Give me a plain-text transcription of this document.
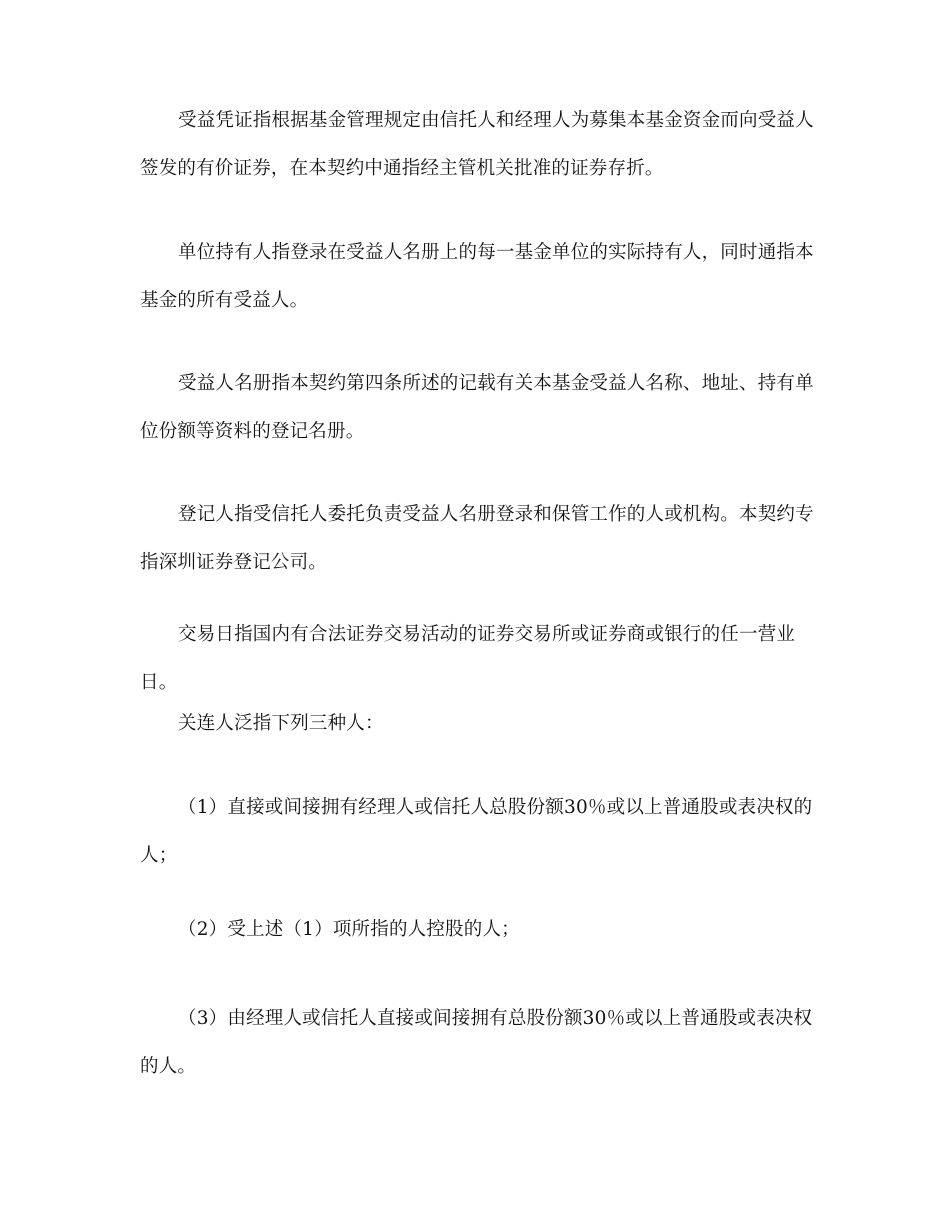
受益凭证指根据基金管理规定由信托人和经理人为募集本基金资金而向受益人签发的有价证券，在本契约中通指经主管机关批准的证券存折。

单位持有人指登录在受益人名册上的每一基金单位的实际持有人，同时通指本基金的所有受益人。

受益人名册指本契约第四条所述的记载有关本基金受益人名称、地址、持有单位份额等资料的登记名册。

登记人指受信托人委托负责受益人名册登录和保管工作的人或机构。本契约专指深圳证券登记公司。

交易日指国内有合法证券交易活动的证券交易所或证券商或银行的任一营业日。

关连人泛指下列三种人：

（1）直接或间接拥有经理人或信托人总股份额30％或以上普通股或表决权的人；

（2）受上述（1）项所指的人控股的人；

（3）由经理人或信托人直接或间接拥有总股份额30％或以上普通股或表决权的人。
